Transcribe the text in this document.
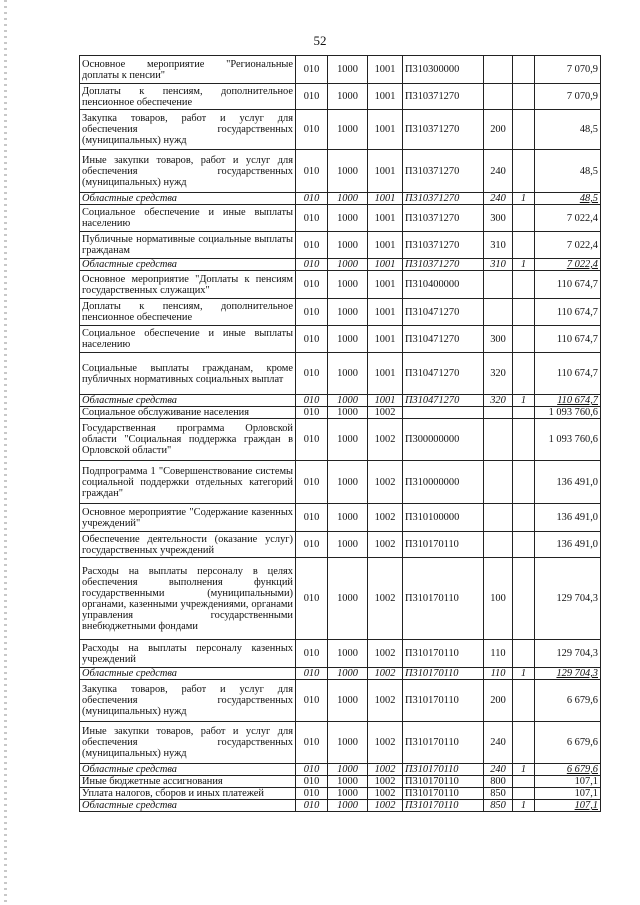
52
Основное мероприятие "Региональные доплаты к пенсии"	010	1000	1001	П310300000			7 070,9
Доплаты к пенсиям, дополнительное пенсионное обеспечение	010	1000	1001	П310371270			7 070,9
Закупка товаров, работ и услуг для обеспечения государственных (муниципальных) нужд	010	1000	1001	П310371270	200		48,5
Иные закупки товаров, работ и услуг для обеспечения государственных (муниципальных) нужд	010	1000	1001	П310371270	240		48,5
Областные средства	010	1000	1001	П310371270	240	1	48,5
Социальное обеспечение и иные выплаты населению	010	1000	1001	П310371270	300		7 022,4
Публичные нормативные социальные выплаты гражданам	010	1000	1001	П310371270	310		7 022,4
Областные средства	010	1000	1001	П310371270	310	1	7 022,4
Основное мероприятие "Доплаты к пенсиям государственных служащих"	010	1000	1001	П310400000			110 674,7
Доплаты к пенсиям, дополнительное пенсионное обеспечение	010	1000	1001	П310471270			110 674,7
Социальное обеспечение и иные выплаты населению	010	1000	1001	П310471270	300		110 674,7
Социальные выплаты гражданам, кроме публичных нормативных социальных выплат	010	1000	1001	П310471270	320		110 674,7
Областные средства	010	1000	1001	П310471270	320	1	110 674,7
Социальное обслуживание населения	010	1000	1002				1 093 760,6
Государственная программа Орловской области "Социальная поддержка граждан в Орловской области"	010	1000	1002	П300000000			1 093 760,6
Подпрограмма 1 "Совершенствование системы социальной поддержки отдельных категорий граждан"	010	1000	1002	П310000000			136 491,0
Основное мероприятие "Содержание казенных учреждений"	010	1000	1002	П310100000			136 491,0
Обеспечение деятельности (оказание услуг) государственных учреждений	010	1000	1002	П310170110			136 491,0
Расходы на выплаты персоналу в целях обеспечения выполнения функций государственными (муниципальными) органами, казенными учреждениями, органами управления государственными внебюджетными фондами	010	1000	1002	П310170110	100		129 704,3
Расходы на выплаты персоналу казенных учреждений	010	1000	1002	П310170110	110		129 704,3
Областные средства	010	1000	1002	П310170110	110	1	129 704,3
Закупка товаров, работ и услуг для обеспечения государственных (муниципальных) нужд	010	1000	1002	П310170110	200		6 679,6
Иные закупки товаров, работ и услуг для обеспечения государственных (муниципальных) нужд	010	1000	1002	П310170110	240		6 679,6
Областные средства	010	1000	1002	П310170110	240	1	6 679,6
Иные бюджетные ассигнования	010	1000	1002	П310170110	800		107,1
Уплата налогов, сборов и иных платежей	010	1000	1002	П310170110	850		107,1
Областные средства	010	1000	1002	П310170110	850	1	107,1
